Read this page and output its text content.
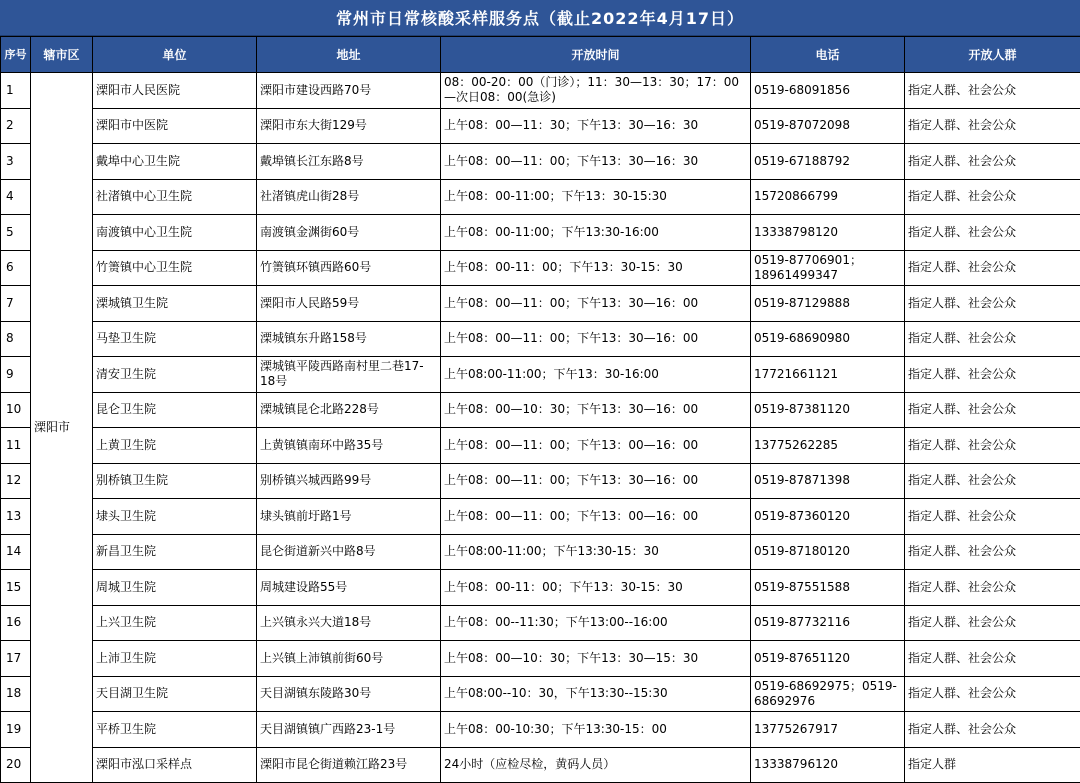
常州市日常核酸采样服务点（截止2022年4月17日）
序号	辖市区	单位	地址	开放时间	电话	开放人群
1	溧阳市	溧阳市人民医院	溧阳市建设西路70号	08：00-20：00（门诊）；11：30—13：30；17：00—次日08：00(急诊)	0519-68091856	指定人群、社会公众
2		溧阳市中医院	溧阳市东大街129号	上午08：00—11：30；下午13：30—16：30	0519-87072098	指定人群、社会公众
3		戴埠中心卫生院	戴埠镇长江东路8号	上午08：00—11：00；下午13：30—16：30	0519-67188792	指定人群、社会公众
4		社渚镇中心卫生院	社渚镇虎山街28号	上午08：00-11:00；下午13：30-15:30	15720866799	指定人群、社会公众
5		南渡镇中心卫生院	南渡镇金渊街60号	上午08：00-11:00；下午13:30-16:00	13338798120	指定人群、社会公众
6		竹箦镇中心卫生院	竹箦镇环镇西路60号	上午08：00-11：00；下午13：30-15：30	0519-87706901；18961499347	指定人群、社会公众
7		溧城镇卫生院	溧阳市人民路59号	上午08：00—11：00；下午13：30—16：00	0519-87129888	指定人群、社会公众
8		马垫卫生院	溧城镇东升路158号	上午08：00—11：00；下午13：30—16：00	0519-68690980	指定人群、社会公众
9		清安卫生院	溧城镇平陵西路南村里二巷17-18号	上午08:00-11:00；下午13：30-16:00	17721661121	指定人群、社会公众
10		昆仑卫生院	溧城镇昆仑北路228号	上午08：00—10：30；下午13：30—16：00	0519-87381120	指定人群、社会公众
11		上黄卫生院	上黄镇镇南环中路35号	上午08：00—11：00；下午13：00—16：00	13775262285	指定人群、社会公众
12		别桥镇卫生院	别桥镇兴城西路99号	上午08：00—11：00；下午13：30—16：00	0519-87871398	指定人群、社会公众
13		埭头卫生院	埭头镇前圩路1号	上午08：00—11：00；下午13：00—16：00	0519-87360120	指定人群、社会公众
14		新昌卫生院	昆仑街道新兴中路8号	上午08:00-11:00；下午13:30-15：30	0519-87180120	指定人群、社会公众
15		周城卫生院	周城建设路55号	上午08：00-11：00；下午13：30-15：30	0519-87551588	指定人群、社会公众
16		上兴卫生院	上兴镇永兴大道18号	上午08：00--11:30；下午13:00--16:00	0519-87732116	指定人群、社会公众
17		上沛卫生院	上兴镇上沛镇前街60号	上午08：00—10：30；下午13：30—15：30	0519-87651120	指定人群、社会公众
18		天目湖卫生院	天目湖镇东陵路30号	上午08:00--10：30，下午13:30--15:30	0519-68692975；0519-68692976	指定人群、社会公众
19		平桥卫生院	天目湖镇镇广西路23-1号	上午08：00-10:30；下午13:30-15：00	13775267917	指定人群、社会公众
20		溧阳市泓口采样点	溧阳市昆仑街道赖江路23号	24小时（应检尽检，黄码人员）	13338796120	指定人群
